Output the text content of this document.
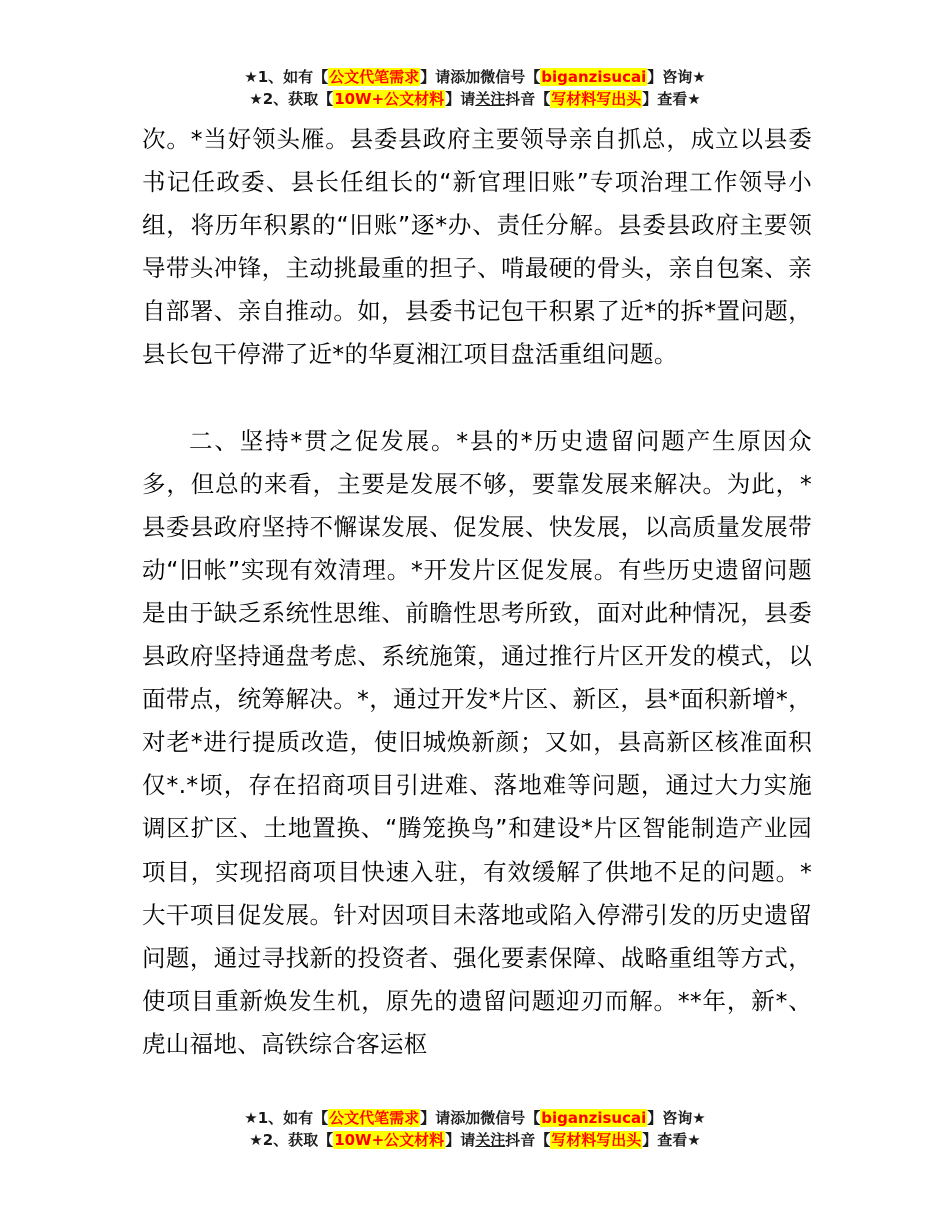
★1、如有【公文代笔需求】请添加微信号【biganzisucai】咨询★
★2、获取【10W+公文材料】请关注抖音【写材料写出头】查看★

次。*当好领头雁。县委县政府主要领导亲自抓总，成立以县委书记任政委、县长任组长的“新官理旧账”专项治理工作领导小组，将历年积累的“旧账”逐*办、责任分解。县委县政府主要领导带头冲锋，主动挑最重的担子、啃最硬的骨头，亲自包案、亲自部署、亲自推动。如，县委书记包干积累了近*的拆*置问题，县长包干停滞了近*的华夏湘江项目盘活重组问题。

二、坚持*贯之促发展。*县的*历史遗留问题产生原因众多，但总的来看，主要是发展不够，要靠发展来解决。为此，*县委县政府坚持不懈谋发展、促发展、快发展，以高质量发展带动“旧帐”实现有效清理。*开发片区促发展。有些历史遗留问题是由于缺乏系统性思维、前瞻性思考所致，面对此种情况，县委县政府坚持通盘考虑、系统施策，通过推行片区开发的模式，以面带点，统筹解决。*，通过开发*片区、新区，县*面积新增*，对老*进行提质改造，使旧城焕新颜；又如，县高新区核准面积仅*.*顷，存在招商项目引进难、落地难等问题，通过大力实施调区扩区、土地置换、“腾笼换鸟”和建设*片区智能制造产业园项目，实现招商项目快速入驻，有效缓解了供地不足的问题。*大干项目促发展。针对因项目未落地或陷入停滞引发的历史遗留问题，通过寻找新的投资者、强化要素保障、战略重组等方式，使项目重新焕发生机，原先的遗留问题迎刃而解。**年，新*、虎山福地、高铁综合客运枢

★1、如有【公文代笔需求】请添加微信号【biganzisucai】咨询★
★2、获取【10W+公文材料】请关注抖音【写材料写出头】查看★
